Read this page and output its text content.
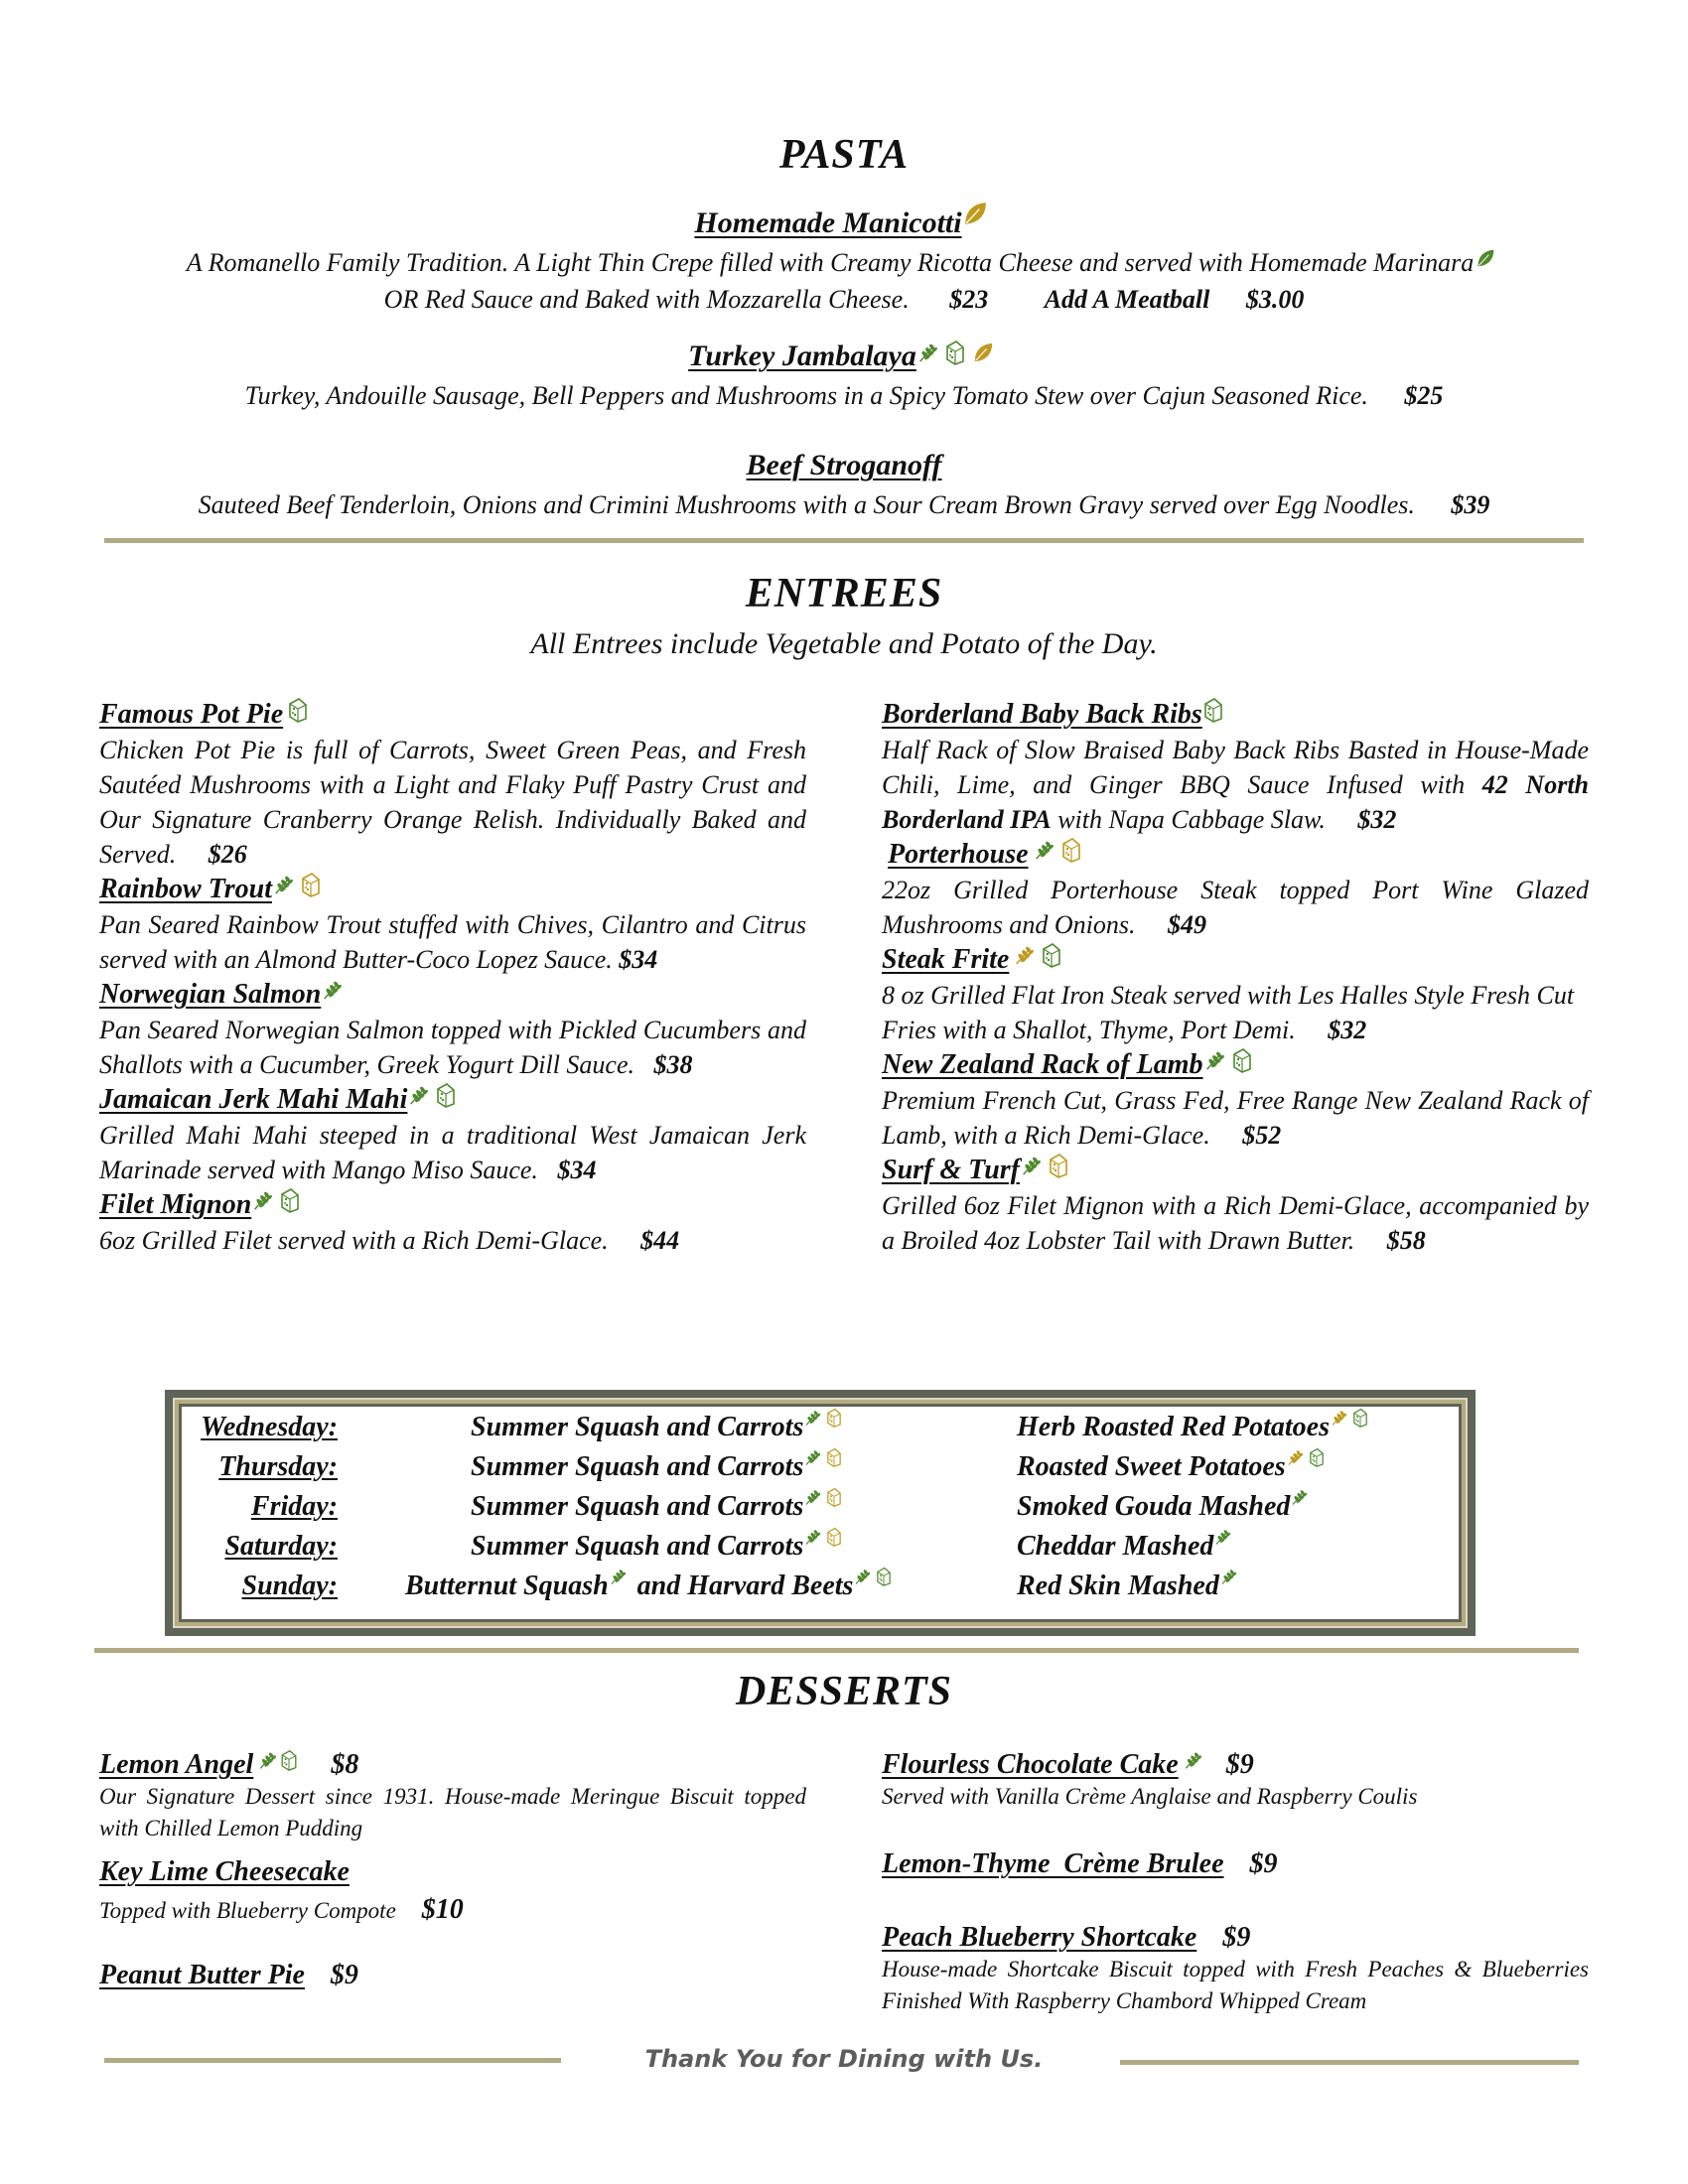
PASTA
Homemade Manicotti
A Romanello Family Tradition. A Light Thin Crepe filled with Creamy Ricotta Cheese and served with Homemade Marinara
OR Red Sauce and Baked with Mozzarella Cheese. $23 Add A Meatball $3.00
Turkey Jambalaya
Turkey, Andouille Sausage, Bell Peppers and Mushrooms in a Spicy Tomato Stew over Cajun Seasoned Rice. $25
Beef Stroganoff
Sauteed Beef Tenderloin, Onions and Crimini Mushrooms with a Sour Cream Brown Gravy served over Egg Noodles. $39
ENTREES
All Entrees include Vegetable and Potato of the Day.
Famous Pot Pie
Chicken Pot Pie is full of Carrots, Sweet Green Peas, and Fresh Sautéed Mushrooms with a Light and Flaky Puff Pastry Crust and Our Signature Cranberry Orange Relish. Individually Baked and Served. $26
Rainbow Trout
Pan Seared Rainbow Trout stuffed with Chives, Cilantro and Citrus served with an Almond Butter-Coco Lopez Sauce. $34
Norwegian Salmon
Pan Seared Norwegian Salmon topped with Pickled Cucumbers and Shallots with a Cucumber, Greek Yogurt Dill Sauce. $38
Jamaican Jerk Mahi Mahi
Grilled Mahi Mahi steeped in a traditional West Jamaican Jerk Marinade served with Mango Miso Sauce. $34
Filet Mignon
6oz Grilled Filet served with a Rich Demi-Glace. $44
Borderland Baby Back Ribs
Half Rack of Slow Braised Baby Back Ribs Basted in House-Made Chili, Lime, and Ginger BBQ Sauce Infused with 42 North Borderland IPA with Napa Cabbage Slaw. $32
Porterhouse
22oz Grilled Porterhouse Steak topped Port Wine Glazed Mushrooms and Onions. $49
Steak Frite
8 oz Grilled Flat Iron Steak served with Les Halles Style Fresh Cut Fries with a Shallot, Thyme, Port Demi. $32
New Zealand Rack of Lamb
Premium French Cut, Grass Fed, Free Range New Zealand Rack of Lamb, with a Rich Demi-Glace. $52
Surf & Turf
Grilled 6oz Filet Mignon with a Rich Demi-Glace, accompanied by a Broiled 4oz Lobster Tail with Drawn Butter. $58
Wednesday:
Thursday:
Friday:
Saturday:
Sunday:
Summer Squash and Carrots
Summer Squash and Carrots
Summer Squash and Carrots
Summer Squash and Carrots
Butternut Squash and Harvard Beets
Herb Roasted Red Potatoes
Roasted Sweet Potatoes
Smoked Gouda Mashed
Cheddar Mashed
Red Skin Mashed
DESSERTS
Lemon Angel	$8
Our Signature Dessert since 1931. House-made Meringue Biscuit topped with Chilled Lemon Pudding
Key Lime Cheesecake
Topped with Blueberry Compote $10
Peanut Butter Pie $9
Flourless Chocolate Cake $9
Served with Vanilla Crème Anglaise and Raspberry Coulis
Lemon-Thyme  Crème Brulee $9
Peach Blueberry Shortcake $9
House-made Shortcake Biscuit topped with Fresh Peaches & Blueberries Finished With Raspberry Chambord Whipped Cream
Thank You for Dining with Us.
